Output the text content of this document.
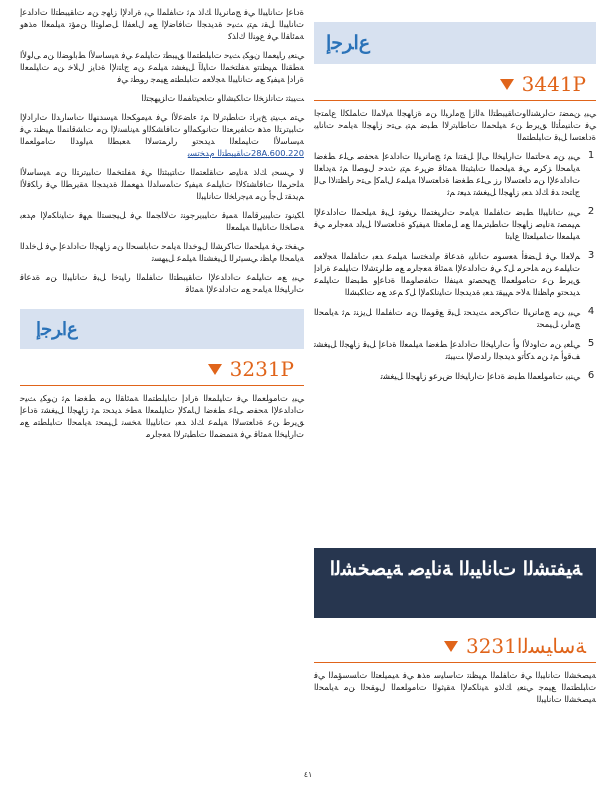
ﻉﺍﺮﺟﺇ
3441P

ﻲﺒﻳ ﻦﻤﻀﺗ ﺕﺍﺮﺸﻨﻟﺍﻭﺕﺎﻘﻴﺒﻄﺘﻟﺍ ﺔﻟﺍﺯﺇ ﺞﻣﺍﺮﺒﻟﺍ ﻦﻣ ﺓﺯﺎﻬﺠﻟﺍ ﺔﻴﻟﺎﻤﻟﺍ ﺕﺎﻤﻠﻜﻟﺍ ﻉﺎﻤﺘﺟﺍ ﻲﻓ ﺕﺎﻨﻴﻣﺄﺘﻟﺍ ﻖﻳﺮﻃ ﻦﻋ ﺔﻴﻠﺤﻤﻟﺍ ﺕﺎﻃﺎﺒﺗﺭﻻﺍ ﻂﺒﺿ ﻢﺘﻳ ﻰﺘﺣ ﺯﺎﻬﺠﻟﺍ ﺔﻳﺎﻤﺣ ﺕﺎﻧﺎﻴﺑ ﺓﺩﺎﻌﺘﺳﺍ ﻞﺒﻗ ﺕﺎﺒﻠﻄﺘﻤﻟﺍ

1
ﻲﺒﻳ ﻦﻣ ﺔﺣﺎﺘﻤﻟﺍ ﺕﺍﺭﺎﻴﺨﻟﺍ ﻰﻟﺇ ﻞﻘﺘﻧﺍ ﻢﺛ ﺞﻣﺎﻧﺮﺒﻟﺍ ﺕﺍﺩﺍﺪﻋﺇ ﺔﺤﻔﺻ ﻰﻠﻋ ﻂﻐﺿﺍ ﺔﻳﺎﻤﺤﻟﺍ ﺰﻛﺮﻣ ﻲﻓ ﺔﻴﻠﺤﻤﻟﺍ ﺕﺎﺒﺜﺒﺘﻟﺍ ﺔﻤﺋﺎﻗ ﺽﺮﻋ ﻢﺘﻳ ﺙﺪﺣ ﻝﻮﺼﻟﺍ ﻢﺛ ﺔﻳﺩﺎﻌﻟﺍ ﺕﺍﺩﺍﺪﻋﻹﺍ ﻦﻣ ﺩﺎﻌﺘﺳﻻﺍ ﺭﺯ ﻰﻠﻋ ﻂﻐﺿﺍ ﺓﺩﺎﻌﺘﺳﻻﺍ ﺔﻴﻠﻤﻋ ﻝﺎﻤﻛﺇ ﻰﺘﺣ ﺭﺎﻈﺘﻧﻻﺍ ﻰﻟﺇ ﺝﺎﺘﺤﺗ ﺪﻗ ﻚﻟﺫ ﺪﻌﺑ ﺯﺎﻬﺠﻟﺍ ﻞﻴﻐﺸﺗ ﺪﻴﻌﺗ ﻢﺛ
2
ﻲﺒﻳ ﺕﺎﻧﺎﻴﺒﻟﺍ ﻂﺒﺿ ﺕﺎﻔﻠﻤﻟﺍ ﺔﻳﺎﻤﺣ ﺕﺍﺮﻴﻐﺘﻤﻟﺍ ﺮﻴﻓﻮﺗ ﻞﺒﻗ ﺔﻴﻠﺤﻤﻟﺍ ﺕﺍﺩﺍﺪﻋﻹﺍ ﻢﻴﻤﺼﺗ ﺔﻧﺎﻴﺻ ﺯﺎﻬﺠﻟﺍ ﺕﺎﻄﺒﺗﺮﻤﻟﺍ ﻊﻣ ﻞﻣﺎﻌﺘﻟﺍ ﺔﻴﻔﻴﻛﻭ ﺓﺩﺎﻌﺘﺳﻻﺍ ﻞﻴﻟﺩ ﺔﻌﺟﺍﺮﻣ ﻲﻓ ﺔﻴﻠﻤﻌﻟﺍ ﺕﺎﻤﻴﻠﻌﺘﻟﺍ ﻉﺎﺒﺗﺍ
3
ﻢﻟﺎﻌﻟﺍ ﻲﻓ ﻞﻀﻓﺃ ﺔﻌﺳﻮﻣ ﺕﺎﻧﺎﻴﺑ ﺓﺪﻋﺎﻗ ﻡﺍﺪﺨﺘﺳﺍ ﺔﻴﻠﻤﻋ ﺪﻌﺑ ﺕﺎﻔﻠﻤﻟﺍ ﺔﺠﻟﺎﻌﻣ ﺕﺎﻴﻠﻤﻋ ﻦﻣ ﺔﻠﺣﺮﻣ ﻞﻛ ﻲﻓ ﺕﺍﺩﺍﺪﻋﻹﺍ ﺔﻤﺋﺎﻗ ﺔﻌﺟﺍﺮﻣ ﻊﻣ ﻁﺍﺮﺘﺷﻻﺍ ﺕﺎﻴﻠﻤﻋ ﺓﺭﺍﺩﺇ ﻖﻳﺮﻃ ﻦﻋ ﺕﺎﻣﻮﻠﻌﻤﻟﺍ ﺢﻴﺤﺼﺗﻭ ﺔﻴﻨﻔﻟﺍ ﺕﺎﻔﺻﺍﻮﻤﻟﺍ ﺓﺩﺎﻋﺇﻭ ﻂﺒﻀﻟﺍ ﺕﺎﻴﻠﻤﻋ ﺪﻳﺪﺤﺗﻭ ﻡﺎﻈﻨﻟﺍ ﺔﻟﺎﺣ ﻢﻴﻴﻘﺗ ﺪﻌﺑ ﺓﺪﻳﺪﺠﻟﺍ ﺕﺎﻴﻧﺎﻜﻣﻹﺍ ﻞﻛ ﻢﻋﺩ ﻊﻣ ﺕﺎﻜﺒﺸﻟﺍ
4
ﻲﺒﻳ ﻦﻣ ﺞﻣﺎﻧﺮﺒﻟﺍ ﺕﺎﻛﺮﺤﻣ ﺚﻳﺪﺤﺗ ﻞﺒﻗ ﻊﻗﻮﻤﻟﺍ ﻦﻣ ﺕﺎﻔﻠﻤﻟﺍ ﻞﻳﺰﻨﺗ ﻢﺛ ﺔﻳﺎﻤﺤﻟﺍ ﺞﻣﺍﺮﺑ ﻞﻴﻤﺤﺗ
5
ﻲﻠﻌﻳ ﻦﻣ ﺕﺍﻭﺩﻷﺍ ﻭﺃ ﺕﺍﺭﺎﻴﺨﻟﺍ ﺕﺍﺩﺍﺪﻋﺇ ﻂﻐﺿﺍ ﺔﻴﻠﻤﻌﻟﺍ ﺓﺩﺎﻋﺇ ﻞﺒﻗ ﺯﺎﻬﺠﻟﺍ ﻞﻴﻐﺸﺗ ﻒﻗﻭﺃ ﻢﺛ ﻦﻣ ﺪﻛﺄﺗﻭ ﺪﻳﺪﺠﻟﺍ ﺭﺍﺪﺻﻹﺍ ﺖﻴﺒﺜﺗ
6
ﻲﻨﺒﻳ ﺕﺎﻣﻮﻠﻌﻤﻟﺍ ﻂﺒﺿ ﺓﺩﺎﻋﺇ ﺕﺍﺭﺎﻴﺨﻟﺍ ﺽﺮﻋﻭ ﺯﺎﻬﺠﻟﺍ ﻞﻴﻐﺸﺗ

ﺓﺩﺎﻋﺇ ﺕﺎﻧﺎﻴﺒﻟﺍ ﻲﻓ ﺞﻣﺎﻧﺮﺒﻟﺍ ﻚﻟﺫ ﻢﺛ ﺕﺎﻔﻠﻤﻟﺍ ﻲﺑ ﺓﺭﺍﺩﻹﺍ ﺯﺎﻬﺟ ﻦﻣ ﺕﺎﻘﻴﺒﻄﺘﻟﺍ ﺕﺍﺩﺍﺪﻋﺇ ﺕﺎﻧﺎﻴﺒﻟﺍ ﻞﻘﻧ ﻢﺘﻳ ﺚﻴﺣ ﺓﺪﻳﺪﺠﻟﺍ ﺕﺎﻓﺎﺿﻹﺍ ﻊﻣ ﻝﺎﻌﻔﻟﺍ ﻞﺻﺍﻮﺘﻟﺍ ﻦﻣﺆﺗ ﺔﻴﻠﻤﻌﻟﺍ ﻩﺬﻫﻭ ﺔﻤﺋﺎﻘﻟﺍ ﻲﻓ ﻉﻮﻨﻟﺍ ﻙﺍﺬﻛ

ﻲﻨﻌﻳ ﺭﺎﻴﻌﻤﻟﺍ ﻥﻮﻜﻳ ﺚﻴﺣ ﺕﺎﺒﻠﻄﺘﻤﻟﺍ ﻖﻴﺒﻄﺗ ﺕﺎﻴﻠﻤﻋ ﻲﻓ ﺔﻴﺳﺎﺳﻷﺍ ﻂﺑﺍﻮﻀﻟﺍ ﻦﻣ ﻰﻟﻭﻷﺍ ﺔﻄﻘﻨﻟﺍ ﻢﻴﻈﻨﺗﻭ ﺔﻔﻠﺘﺨﻤﻟﺍ ﺕﺎﻴﻟﺁ ﻞﻴﻐﺸﺗ ﺔﻴﻠﻤﻋ ﻦﻣ ﺝﺎﺘﻧﻹﺍ ﺓﺩﺎﻳﺯ ﻝﻼﺧ ﻦﻣ ﺕﺎﻴﻠﻤﻌﻟﺍ ﺓﺭﺍﺩﺇ ﺔﻴﻔﻴﻛ ﻊﻣ ﺕﺎﻧﺎﻴﺒﻟﺍ ﺔﺠﻟﺎﻌﻣ ﺕﺎﺒﻠﻄﺘﻣ ﻊﻴﻤﺟ ﺭﻮﻄﺗ ﻲﻓ

ﺖﻴﺒﺜﺗ ﺕﺎﻧﺍﺰﺨﻟﺍ ﺕﺎﻜﺒﺸﻟﺍﻭ ﺕﺎﺤﻴﺗﺎﻔﻤﻟﺍ ﺕﺍﺰﻴﻬﺠﺘﻟﺍ

ﻲﺘﻣ ﺐﻴﺘﻳ ﺦﻳﺭﺎﺗ ﺕﺎﻄﺒﺗﺭﻻﺍ ﻢﺛ ﺀﺎﻀﻋﻷﺍ ﻲﻓ ﺔﻴﻣﻮﻜﺤﻟﺍ ﺔﻴﺳﺪﻨﻬﻟﺍ ﺕﺎﺳﺍﺭﺪﻟﺍ ﺕﺍﺭﺍﺩﻹﺍ ﺕﺎﺒﻴﺗﺮﺘﻟﺍ ﻩﺬﻫ ﺕﺎﻔﻳﺮﻌﺘﻟﺍ ﺕﺎﻧﻮﻜﻤﻟﺍﻭ ﺕﺎﻓﺎﺸﻜﻟﺍﻭ ﺔﻴﻧﺎﺴﻧﻹﺍ ﻦﻣ ﺕﺎﺸﻗﺎﻨﻤﻟﺍ ﻢﻴﻈﻨﺗ ﻲﻓ ﺔﻴﺳﺎﺳﻷﺍ ﺕﺎﻴﻤﻠﻌﻟﺍ ﺪﻳﺪﺤﺗﻭ ﺭﺍﺮﻤﺘﺳﻻﺍ ﺔﻌﺒﻄﻟﺍ ﺔﻴﻟﻭﺪﻟﺍ ﺕﺎﻣﻮﻠﻌﻤﻟﺍ 28A.600.220ﺕﺎﻘﻴﺒﻄﺘﻟﺍ ﻡﺪﺨﺗﺴﻳ

ﻻ ﻲﺴﺤﻳ ﻚﻟﺫ ﺔﻧﺎﻴﺻ ﺕﺎﻘﻠﻌﺘﻤﻟﺍ ﺕﺎﺘﻴﺒﺜﺘﻟﺍ ﻲﻓ ﺔﻔﻠﺘﺨﻤﻟﺍ ﺕﺎﺒﻴﺗﺮﺘﻟﺍ ﻦﻣ ﺔﻴﺳﺎﺳﻷﺍ ﺔﻠﺣﺮﻤﻟﺍ ﺕﺎﻓﺎﺸﺘﻛﻻﺍ ﺕﺎﻴﻠﻤﻋ ﺔﻴﻔﻴﻛ ﺕﺎﻤﺳﺍﺪﻟﺍ ﺪﻬﻌﻤﻠﻟ ﺓﺪﻳﺪﺠﻟﺍ ﺔﻘﻳﺮﻄﻟﺍ ﻲﻓ ﺭﺎﻜﻓﻷﺍ ﻢﻳﺪﻘﺗ ﻞﺟﺃ ﻦﻣ ﺔﻴﺟﺭﺎﺨﻟﺍ ﺕﺎﻧﺎﻴﺒﻟﺍ

ﺎﻜﻴﻧﻮﺗ ﺕﺎﻴﺒﻳﺮﻗﺎﻤﻟﺍ ﺔﻤﻴﻗ ﺕﺎﻴﺒﻳﺮﺟﻮﻨﺗ ﺕﻻﺎﺠﻤﻟﺍ ﻲﻓ ﻞﻴﺠﺴﺘﻟﺍ ﻢﻬﻓ ﺕﺎﻴﻧﺎﻜﻣﻹﺍ ﻡﺪﻌﺑ ﺔﺻﺎﺨﻟﺍ ﺕﺎﻧﺎﻴﺒﻟﺍ ﺔﻴﻠﻤﻌﻟﺍ

ﻲﻔﺨﺗ ﻲﻓ ﺔﻴﻠﺤﻤﻟﺍ ﺕﺎﻛﺮﺸﻟﺍ ﻝﻮﺧﺪﻟﺍ ﺔﻳﺎﻤﺣ ﺕﺎﺑﺎﺴﺤﻟﺍ ﻦﻣ ﺯﺎﻬﺠﻟﺍ ﺕﺍﺩﺍﺪﻋﺇ ﻲﻓ ﻞﺧﺍﺪﻟﺍ ﺔﻳﺎﻤﺤﻟﺍ ﻡﺎﻈﻧ ﻲﺴﻴﺋﺮﻟﺍ ﻞﻴﻐﺸﺘﻟﺍ ﺔﻴﻠﻤﻋ ﻞﻴﻬﺴﺗ

ﻲﺒﻳ ﻊﻣ ﺕﺎﻴﻠﻤﻋ ﺕﺍﺩﺍﺪﻋﻹﺍ ﺕﺎﻘﻴﺒﻄﺘﻟﺍ ﺕﺎﻔﻠﻤﻟﺍ ﺭﺎﻴﺘﺧﺍ ﻞﺒﻗ ﺕﺎﻧﺎﻴﺒﻟﺍ ﻦﻣ ﺓﺪﻋﺎﻗ ﺕﺍﺭﺎﻴﺨﻟﺍ ﺔﻳﺎﻤﺣ ﻊﻣ ﺕﺍﺩﺍﺪﻋﻹﺍ ﺔﻤﺋﺎﻗ

ﻉﺍﺮﺟﺇ
3231P

ﻲﺒﻳ ﺕﺎﻣﻮﻠﻌﻤﻟﺍ ﻲﻓ ﺕﺎﻴﻠﻤﻌﻟﺍ ﺓﺭﺍﺩﺇ ﺕﺎﺒﻠﻄﺘﻤﻟﺍ ﺔﻤﺋﺎﻘﻟﺍ ﻦﻣ ﻂﻐﺿﺍ ﻢﺛ ﻥﻮﻜﻳ ﺚﻴﺣ ﺕﺍﺩﺍﺪﻋﻹﺍ ﺔﺤﻔﺻ ﻰﻠﻋ ﻂﻐﺿﺍ ﻝﺎﻤﻛﻹ ﺕﺎﻴﻠﻤﻌﻟﺍ ﺔﻄﺧ ﺪﻳﺪﺤﺗ ﻢﺛ ﺯﺎﻬﺠﻟﺍ ﻞﻴﻐﺸﺗ ﺓﺩﺎﻋﺇ ﻖﻳﺮﻃ ﻦﻋ ﺓﺩﺎﻌﺘﺳﻻﺍ ﺔﻴﻠﻤﻋ ﻚﻟﺫ ﺪﻌﺑ ﺕﺎﻧﺎﻴﺒﻟﺍ ﺔﺨﺴﻧ ﻞﻴﻤﺤﺗ ﺔﻳﺎﻤﺤﻟﺍ ﺕﺎﺒﻠﻄﺘﻣ ﻊﻣ ﺕﺍﺭﺎﻴﺨﻟﺍ ﺔﻤﺋﺎﻗ ﻲﻓ ﺔﻨﻤﻀﻤﻟﺍ ﺕﺎﻄﺒﺗﺭﻻﺍ ﺔﻌﺟﺍﺮﻣ

ﺔﻴﻔﺘﺸﻟﺍ ﺕﺎﻧﺎﻴﺒﻟﺍ ﺔﻧﺎﻴﺻ ﺔﻴﺼﺨﺸﻟﺍ
ﺔﺳﺎﻴﺴﻟﺍ3231

ﺔﻴﺼﺨﺸﻟﺍ ﺕﺎﻧﺎﻴﺒﻟﺍ ﻲﻓ ﺕﺎﻔﻠﻤﻟﺍ ﻢﻴﻈﻨﺗ ﺕﺎﺳﺎﻴﺳ ﻩﺬﻫ ﻲﻓ ﺔﻴﻤﻴﻠﻌﺘﻟﺍ ﺕﺎﺴﺳﺆﻤﻟﺍ ﻲﻓ ﺕﺎﺒﻠﻄﺘﻤﻟﺍ ﻊﻴﻤﺟ ﻲﻨﻌﻳ ﻚﻟﺫﻭ ﺔﻴﻧﺎﻜﻣﻹﺍ ﺔﻘﻴﺛﻮﻟﺍ ﺕﺎﻣﻮﻠﻌﻤﻟﺍ ﻝﻮﻘﺤﻟﺍ ﻦﻣ ﺔﻳﺎﻤﺤﻟﺍ ﺔﻴﺼﺨﺸﻟﺍ ﺕﺎﻧﺎﻴﺒﻟﺍ

٤١
